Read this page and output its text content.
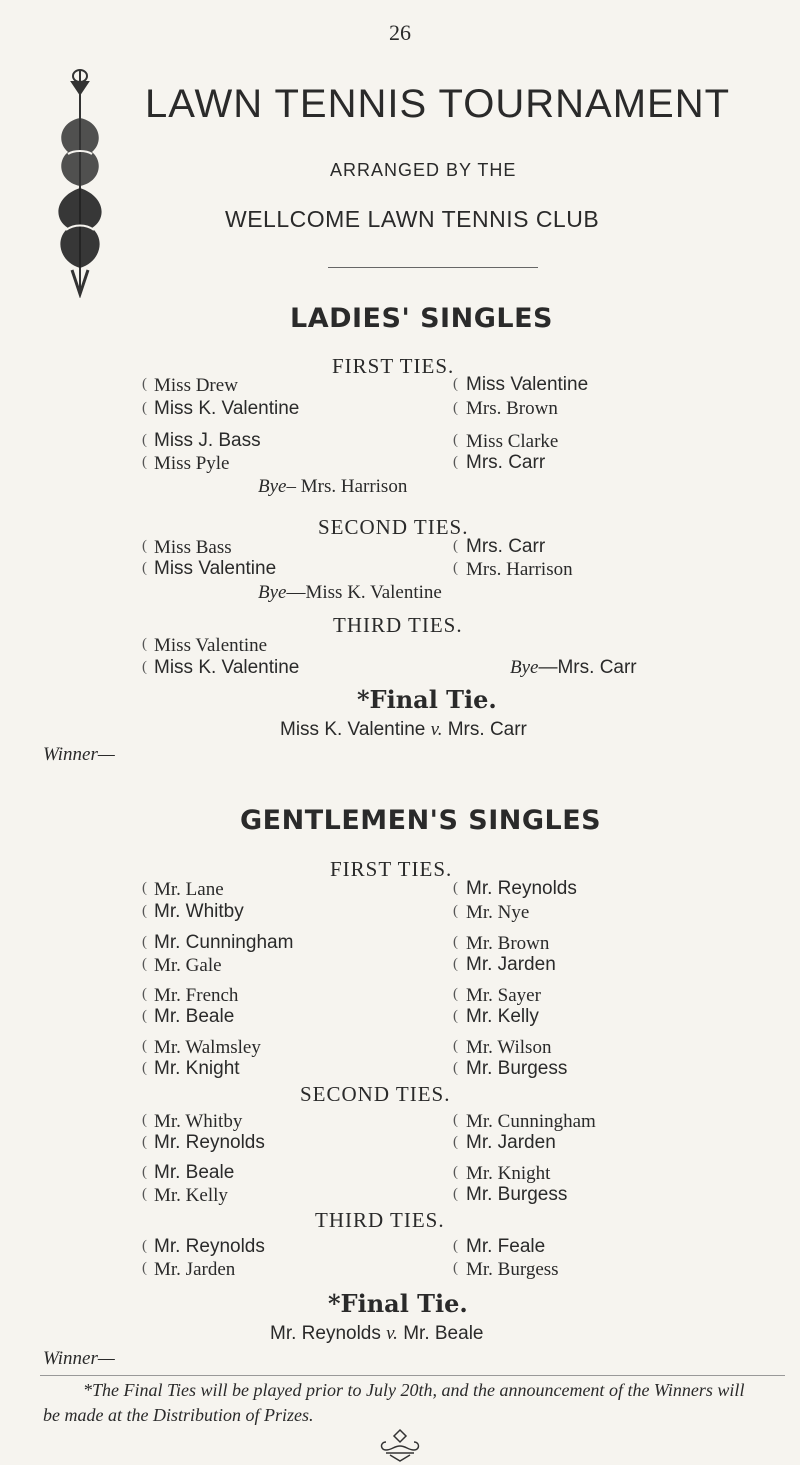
26
LAWN TENNIS TOURNAMENT
ARRANGED BY THE
WELLCOME LAWN TENNIS CLUB
LADIES' SINGLES
FIRST TIES.
( Miss Drew
( Miss K. Valentine
( Miss J. Bass
( Miss Pyle
( Miss Valentine
( Mrs. Brown
( Miss Clarke
( Mrs. Carr
Bye– Mrs. Harrison
SECOND TIES.
( Miss Bass
( Miss Valentine
( Mrs. Carr
( Mrs. Harrison
Bye—Miss K. Valentine
THIRD TIES.
( Miss Valentine
( Miss K. Valentine	Bye—Mrs. Carr
*Final Tie.
Miss K. Valentine v. Mrs. Carr
Winner—
GENTLEMEN'S SINGLES
FIRST TIES.
( Mr. Lane
( Mr. Whitby
( Mr. Cunningham
( Mr. Gale
( Mr. French
( Mr. Beale
( Mr. Walmsley
( Mr. Knight
( Mr. Reynolds
( Mr. Nye
( Mr. Brown
( Mr. Jarden
( Mr. Sayer
( Mr. Kelly
( Mr. Wilson
( Mr. Burgess
SECOND TIES.
( Mr. Whitby
( Mr. Reynolds
( Mr. Beale
( Mr. Kelly
( Mr. Cunningham
( Mr. Jarden
( Mr. Knight
( Mr. Burgess
THIRD TIES.
( Mr. Reynolds
( Mr. Jarden
( Mr. Feale
( Mr. Burgess
*Final Tie.
Mr. Reynolds v. Mr. Beale
Winner—
*The Final Ties will be played prior to July 20th, and the announcement of the Winners will be made at the Distribution of Prizes.
